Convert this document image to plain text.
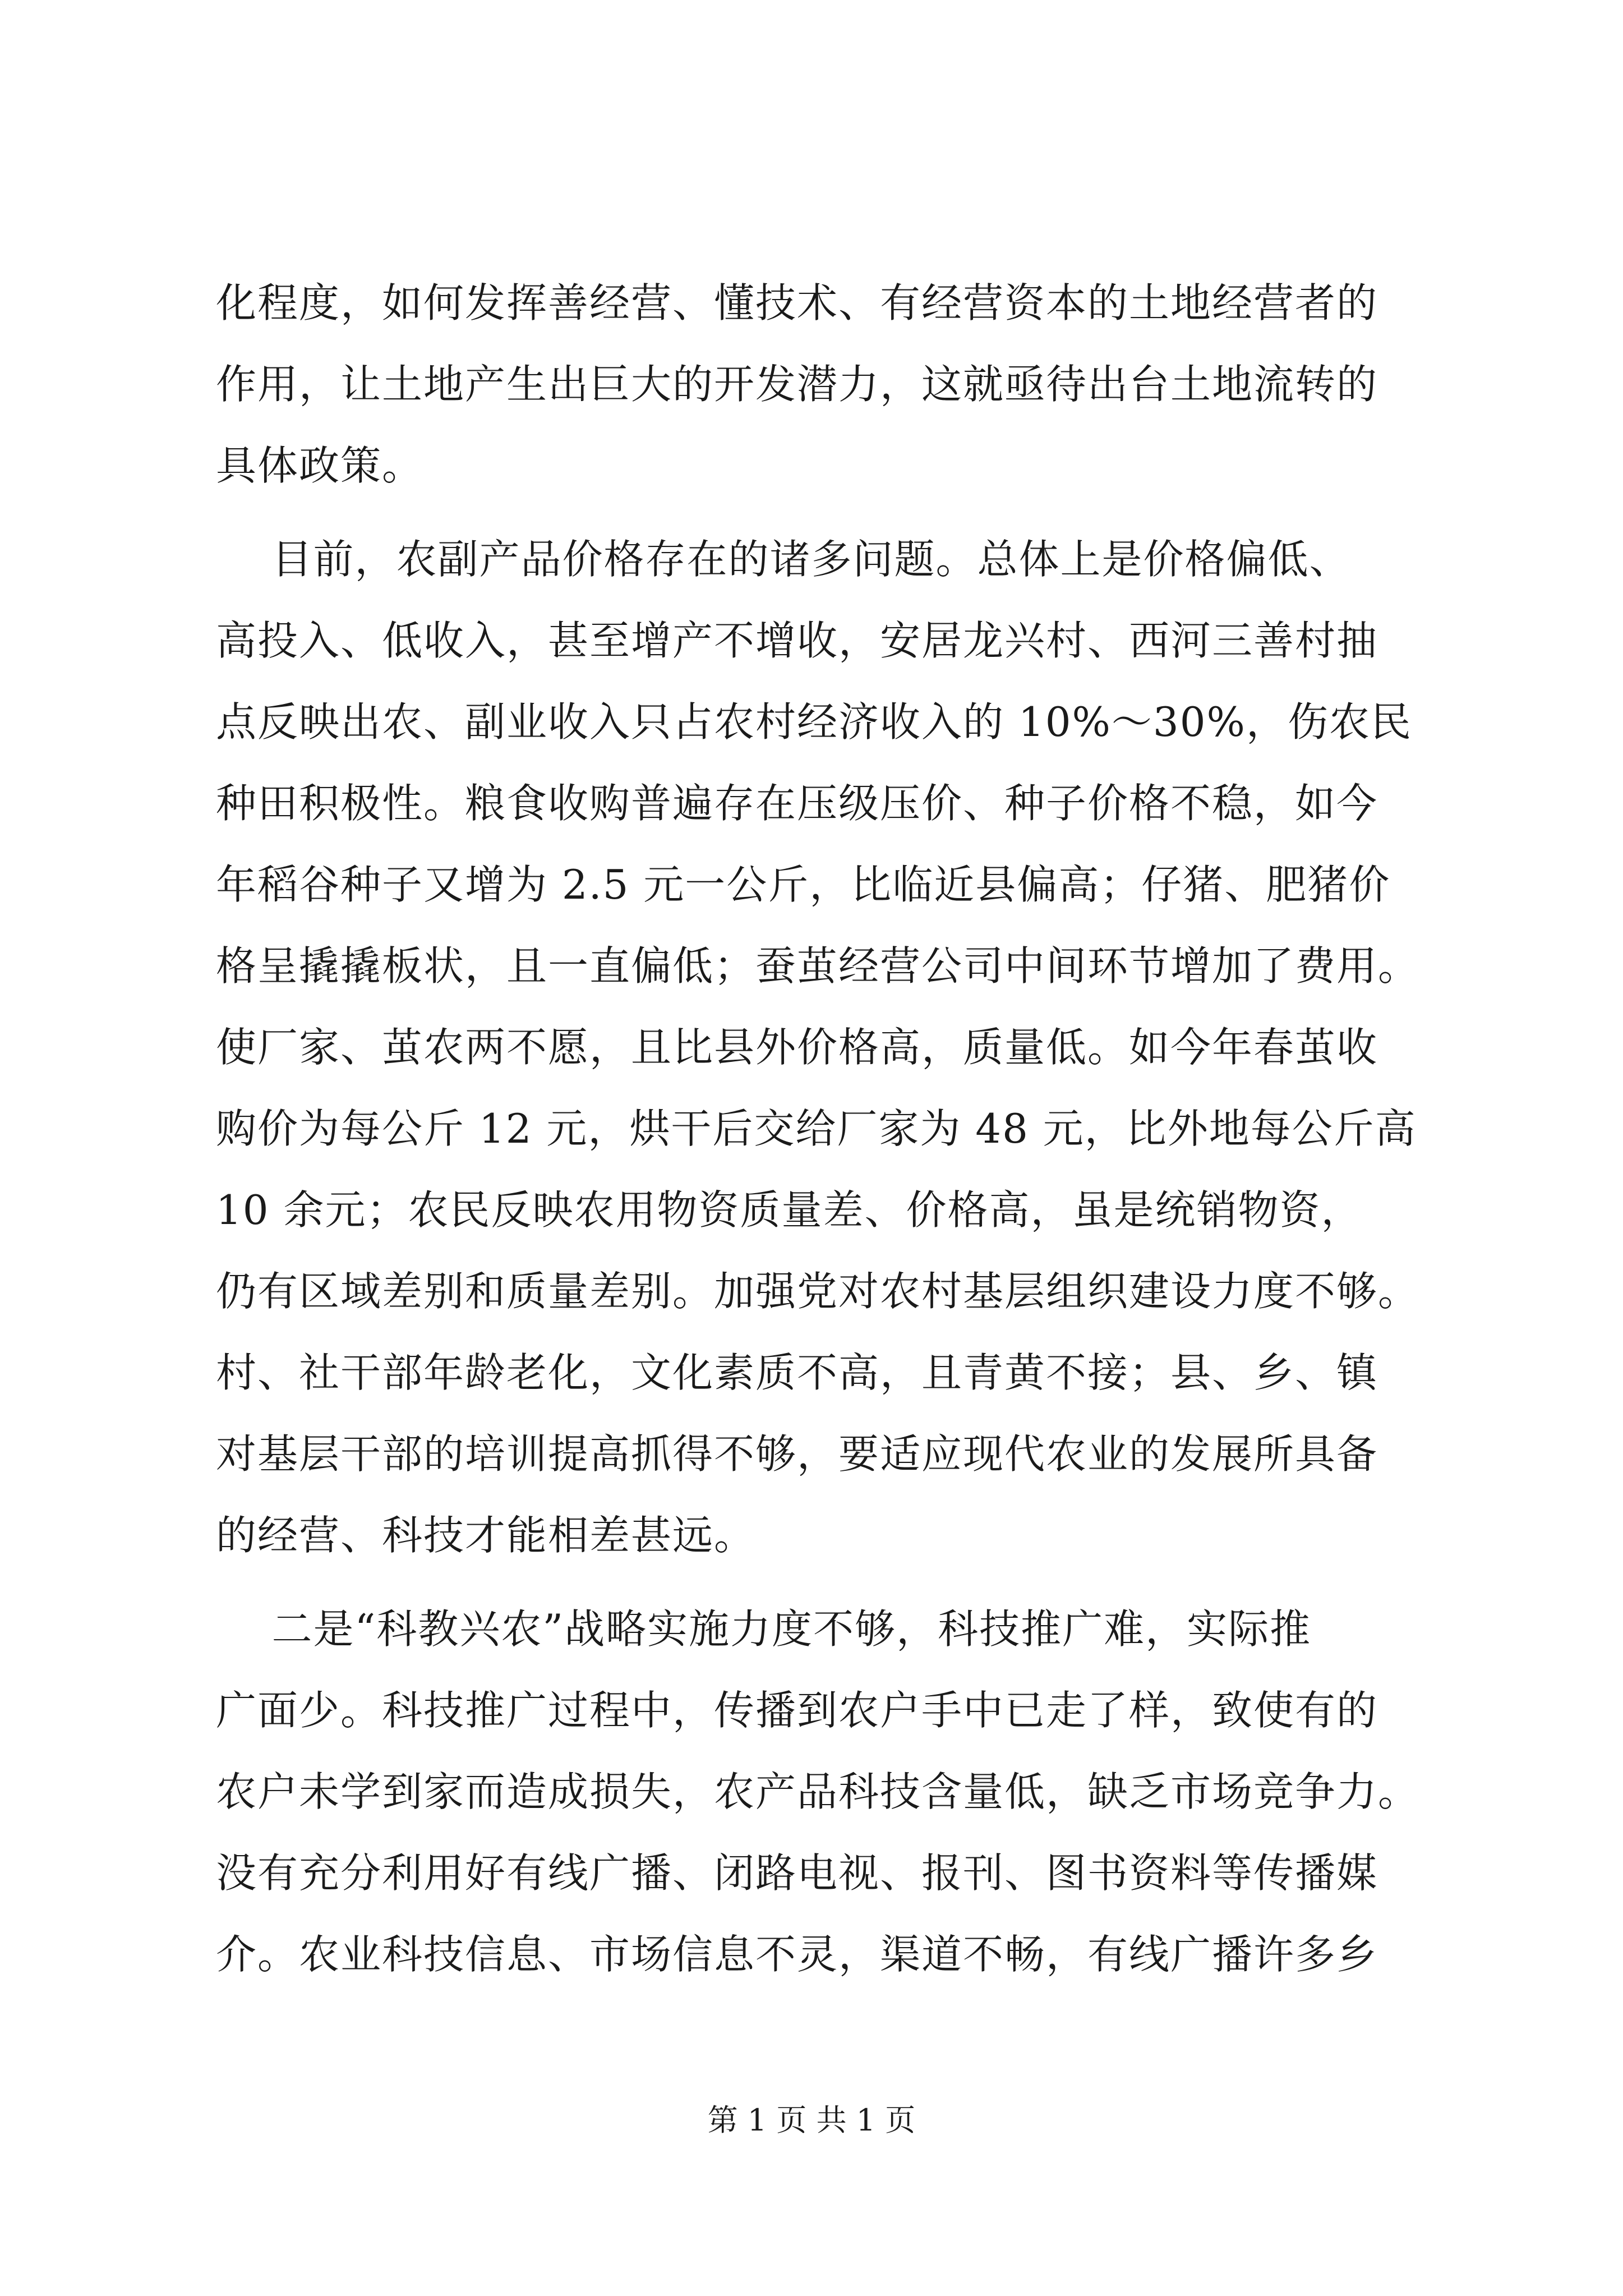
化程度，如何发挥善经营、懂技术、有经营资本的土地经营者的
作用，让土地产生出巨大的开发潜力，这就亟待出台土地流转的
具体政策。
目前，农副产品价格存在的诸多问题。总体上是价格偏低、
高投入、低收入，甚至增产不增收，安居龙兴村、西河三善村抽
点反映出农、副业收入只占农村经济收入的 10%～30%，伤农民
种田积极性。粮食收购普遍存在压级压价、种子价格不稳，如今
年稻谷种子又增为 2.5 元一公斤，比临近县偏高；仔猪、肥猪价
格呈撬撬板状，且一直偏低；蚕茧经营公司中间环节增加了费用。
使厂家、茧农两不愿，且比县外价格高，质量低。如今年春茧收
购价为每公斤 12 元，烘干后交给厂家为 48 元，比外地每公斤高
10 余元；农民反映农用物资质量差、价格高，虽是统销物资，
仍有区域差别和质量差别。加强党对农村基层组织建设力度不够。
村、社干部年龄老化，文化素质不高，且青黄不接；县、乡、镇
对基层干部的培训提高抓得不够，要适应现代农业的发展所具备
的经营、科技才能相差甚远。
二是“科教兴农”战略实施力度不够，科技推广难，实际推
广面少。科技推广过程中，传播到农户手中已走了样，致使有的
农户未学到家而造成损失，农产品科技含量低，缺乏市场竞争力。
没有充分利用好有线广播、闭路电视、报刊、图书资料等传播媒
介。农业科技信息、市场信息不灵，渠道不畅，有线广播许多乡
第 1 页 共 1 页
